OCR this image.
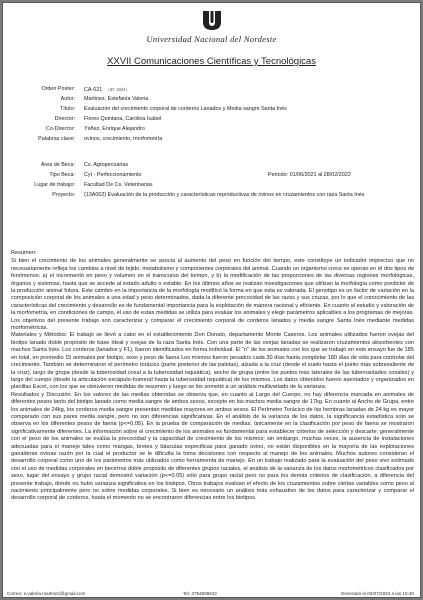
Universidad Nacional del Nordeste
XXVII Comunicaciones Científicas y Tecnológicas
Orden Poster: CA-021 (ID: 1924)
Autor: Martinez, Estefanía Valeria
Título: Evaluación del crecimiento corporal de corderos Lanados y Media sangre Santa Inés
Director: Flores Quintana, Carolina Isabel
Co-Director: Yáñez, Enrique Alejandro
Palabras clave: ovinos, crecimiento, morfometría
Área de Beca: Cs. Agropecuarias
Tipo Beca: Cyt - Perfeccionamiento	Periodo: 01/06/2021 al 28/02/2022
Lugar de trabajo: Facultad De Cs. Veterinarias
Proyecto: (13A002) Evaluación de la producción y características reproductivas de ovinos en cruzamientos con raza Santa Inés
Resumen:
Si bien el crecimiento de los animales generalmente se asocia al aumento del peso en función del tiempo, este constituye un indicador impreciso que no necesariamente refleja los cambios a nivel de tejido, metabolismo y componentes corporales del animal. Cuando un organismo crece se operan en él dos tipos de fenómenos: a) el incremento en peso y volumen en el transcurso del tiempo, y b) la modificación de las proporciones de las diversas regiones morfológicas, órganos y sistemas, hasta que se accede al estado adulto o estable. En los últimos años se realizan investigaciones que utilizan la morfología como predictor de la producción animal futura. Este cambio en la importancia de la morfología modificó la forma en que esta es valorada. El genotipo es un factor de variación en la composición corporal de los animales a una edad y peso determinados, dada la diferente precocidad de las razas y sus cruzas, por lo que el conocimiento de las características del crecimiento y desarrollo es de fundamental importancia para la explotación de manera racional y eficiente. En cuanto al estudio y valoración de la morfometría, en condiciones de campo, el uso de estas medidas se utiliza para evaluar los animales y elegir parámetros aplicables a los programas de mejoras.
Los objetivos del presente trabajo son caracterizar y comparar el crecimiento corporal de corderos lanados y media sangre Santa Inés mediante medidas morfométricas.
Materiales y Métodos: El trabajo se llevó a cabo en el establecimiento Don Donato, departamento Monte Caseros. Los animales utilizados fueron ovejas del biotipo lanado doble propósito de base Ideal y ovejas de la raza Santa Inés. Con una parte de las ovejas lanadas se realizaron cruzamientos absorbentes con machos Santa Inés. Los corderos (lanados y F1), fueron identificados en forma individual. El "n" de los animales con los que se trabajó en este ensayo fue de 185 en total, en promedio 15 animales por biotipo, sexo y peso de faena Los mismos fueron pesados cada 30 días hasta completar 180 días de vida para controlar del crecimiento. También se determinaron el perímetro torácico (parte posterior de las paletas), alzada a la cruz (desde el suelo hasta el punto más sobresaliente de la cruz), largo de grupa (desde la tuberosidad coxal a la tuberosidad isquiática), ancho de grupa (entre los puntos más laterales de las tuberosidades coxales) y largo del cuerpo (desde la articulación escápulo-humeral hasta la tuberosidad isquiática) de los mismos. Los datos obtenidos fueron asentados y organizados en planillas Excel, con los que se obtuvieron medidas de resumen y luego se los sometió a un análisis multivariado de la varianza.
Resultados y Discusión. En los valores de las medias obtenidas se observa que, en cuanto al Largo del Cuerpo, no hay diferencia marcada en animales de diferentes pesos tanto del biotipo lanado como media sangre de ambos sexos, excepto en los machos media sangre de 17kg. En cuanto al Ancho de Grupa, entre los animales de 24kg, los corderos media sangre presentan medidas mayores en ambos sexos. El Perímetro Torácico de las hembras lanadas de 24 kg es mayor comparado con sus pares media sangre, pero no son diferencias significativas. En el análisis de la varianza de los datos, la significancia estadística solo se observa en los diferentes pesos de faena (p<=0,05). En la prueba de comparación de medias, únicamente en la clasificación por peso de faena se mostraron significativamente diferentes. La información sobre el crecimiento de los animales es fundamental para establecer criterios de selección y descarte; generalmente con el peso de los animales se evalúa la precocidad y la capacidad de crecimiento de los mismos; sin embargo, muchas veces, la ausencia de instalaciones adecuadas para el manejo tales como mangas, bretes y básculas especificas para ganado ovino, no están disponibles en la mayoría de las explotaciones ganaderas ovinas razón por la cual el productor se le dificulta la toma decisiones con respecto al manejo de los animales. Muchos autores consideran el desarrollo corporal como uno de los parámetros más utilizados como herramienta de manejo. En un trabajo realizado para la evaluación del peso vivo estimado con el uso de medidas corporales en becerros doble propósito de diferentes grupos raciales, el análisis de la varianza de los datos morfométricos clasificados por sexo, lugar del ensayo y grupo racial demostró variación (p<=0.05) sólo para grupo racial pero no para los demás criterios de clasificación, a diferencia del presente trabajo, donde no hubo varianza significativa en los biotipos. Otros trabajos evalúan el efecto de los cruzamientos sobre ciertas variables como peso al nacimiento principalmente pero no sobre medidas corporales. Si bien es necesario un análisis más exhaustivo de los datos para caracterizar y comparar el desarrollo corporal de corderos, hasta el momento no se encontraron diferencias entre los biotipos.
Correo: e.valeria.martinez@gmail.com	Tel: 3794686622	Generado el 03/07/2023 a las 10:46
